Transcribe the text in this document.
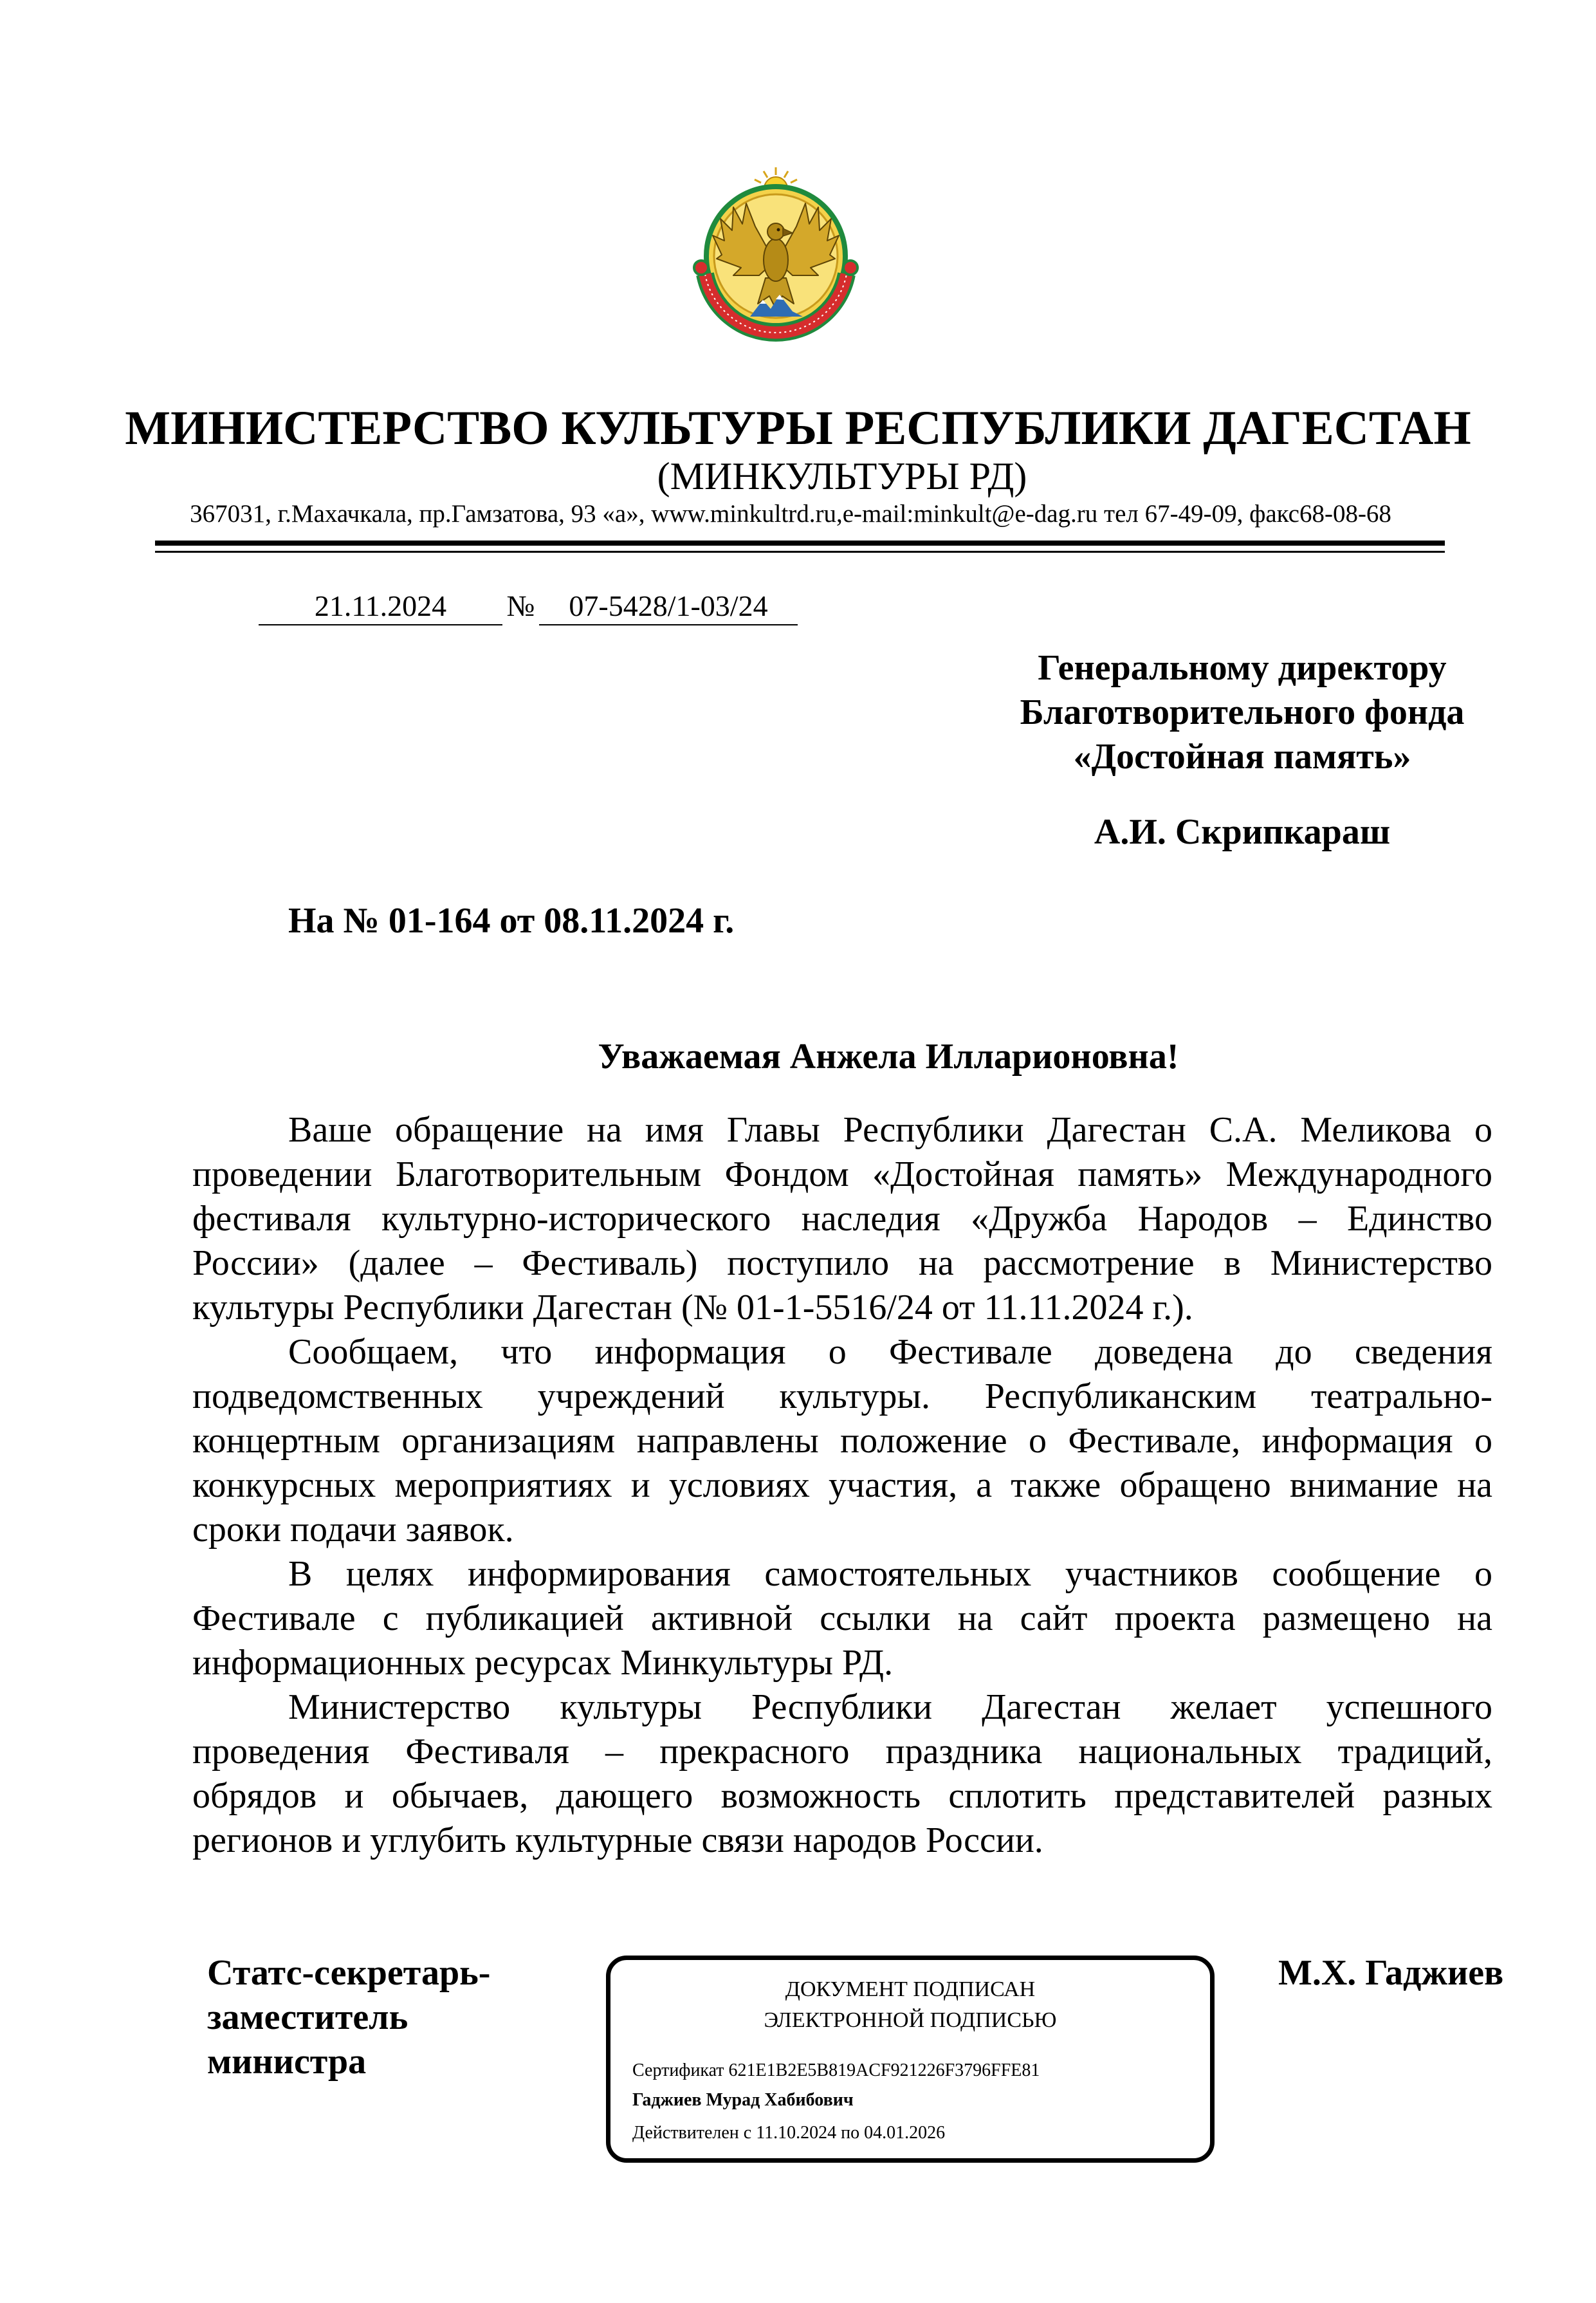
МИНИСТЕРСТВО КУЛЬТУРЫ РЕСПУБЛИКИ ДАГЕСТАН
(МИНКУЛЬТУРЫ РД)
367031, г.Махачкала, пр.Гамзатова, 93 «а», www.minkultrd.ru,e-mail:minkult@e-dag.ru тел 67-49-09, факс68-08-68
21.11.2024 № 07-5428/1-03/24
Генеральному директору
Благотворительного фонда
«Достойная память»
А.И. Скрипкараш
На № 01-164 от 08.11.2024 г.
Уважаемая Анжела Илларионовна!
Ваше обращение на имя Главы Республики Дагестан С.А. Меликова о
проведении Благотворительным Фондом «Достойная память» Международного
фестиваля культурно-исторического наследия «Дружба Народов – Единство
России» (далее – Фестиваль) поступило на рассмотрение в Министерство
культуры Республики Дагестан (№ 01-1-5516/24 от 11.11.2024 г.).
Сообщаем, что информация о Фестивале доведена до сведения
подведомственных учреждений культуры. Республиканским театрально-
концертным организациям направлены положение о Фестивале, информация о
конкурсных мероприятиях и условиях участия, а также обращено внимание на
сроки подачи заявок.
В целях информирования самостоятельных участников сообщение о
Фестивале с публикацией активной ссылки на сайт проекта размещено на
информационных ресурсах Минкультуры РД.
Министерство культуры Республики Дагестан желает успешного
проведения Фестиваля – прекрасного праздника национальных традиций,
обрядов и обычаев, дающего возможность сплотить представителей разных
регионов и углубить культурные связи народов России.
Статс-секретарь-
заместитель
министра
ДОКУМЕНТ ПОДПИСАН
ЭЛЕКТРОННОЙ ПОДПИСЬЮ
Сертификат 621E1B2E5B819ACF921226F3796FFE81
Гаджиев Мурад Хабибович
Действителен с 11.10.2024 по 04.01.2026
М.Х. Гаджиев
